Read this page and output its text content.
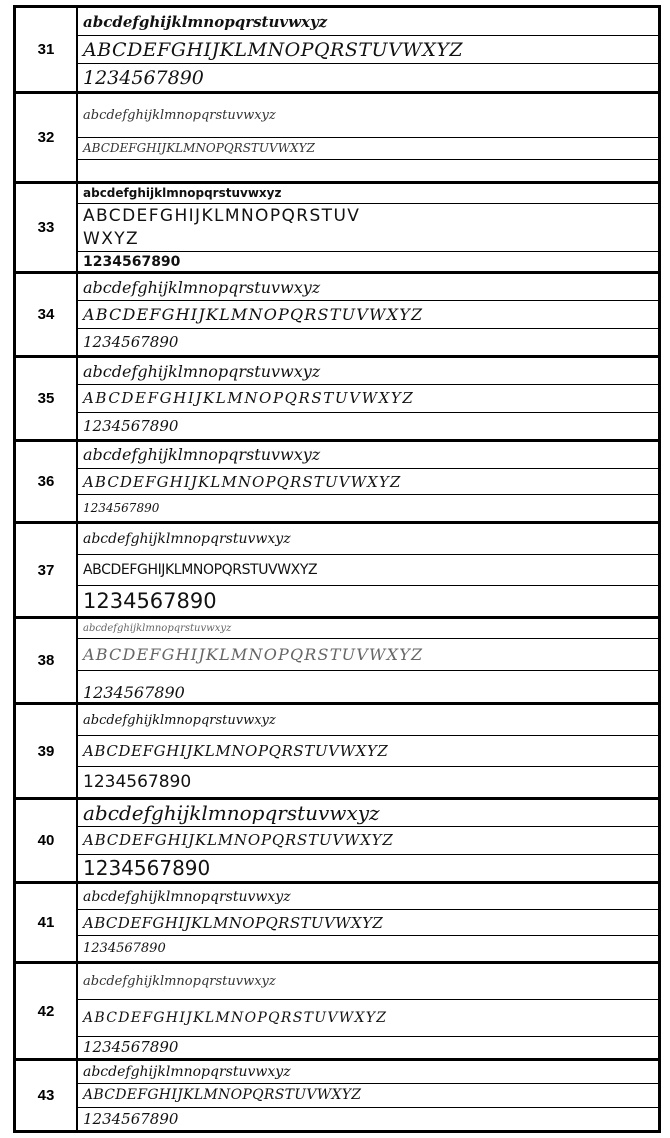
31
abcdefghijklmnopqrstuvwxyz
ABCDEFGHIJKLMNOPQRSTUVWXYZ
1234567890
32
abcdefghijklmnopqrstuvwxyz
ABCDEFGHIJKLMNOPQRSTUVWXYZ
33
abcdefghijklmnopqrstuvwxyz
ABCDEFGHIJKLMNOPQRSTUV
WXYZ
1234567890
34
abcdefghijklmnopqrstuvwxyz
ABCDEFGHIJKLMNOPQRSTUVWXYZ
1234567890
35
abcdefghijklmnopqrstuvwxyz
ABCDEFGHIJKLMNOPQRSTUVWXYZ
1234567890
36
abcdefghijklmnopqrstuvwxyz
ABCDEFGHIJKLMNOPQRSTUVWXYZ
1234567890
37
abcdefghijklmnopqrstuvwxyz
ABCDEFGHIJKLMNOPQRSTUVWXYZ
1234567890
38
abcdefghijklmnopqrstuvwxyz
ABCDEFGHIJKLMNOPQRSTUVWXYZ
1234567890
39
abcdefghijklmnopqrstuvwxyz
ABCDEFGHIJKLMNOPQRSTUVWXYZ
1234567890
40
abcdefghijklmnopqrstuvwxyz
ABCDEFGHIJKLMNOPQRSTUVWXYZ
1234567890
41
abcdefghijklmnopqrstuvwxyz
ABCDEFGHIJKLMNOPQRSTUVWXYZ
1234567890
42
abcdefghijklmnopqrstuvwxyz
ABCDEFGHIJKLMNOPQRSTUVWXYZ
1234567890
43
abcdefghijklmnopqrstuvwxyz
ABCDEFGHIJKLMNOPQRSTUVWXYZ
1234567890
